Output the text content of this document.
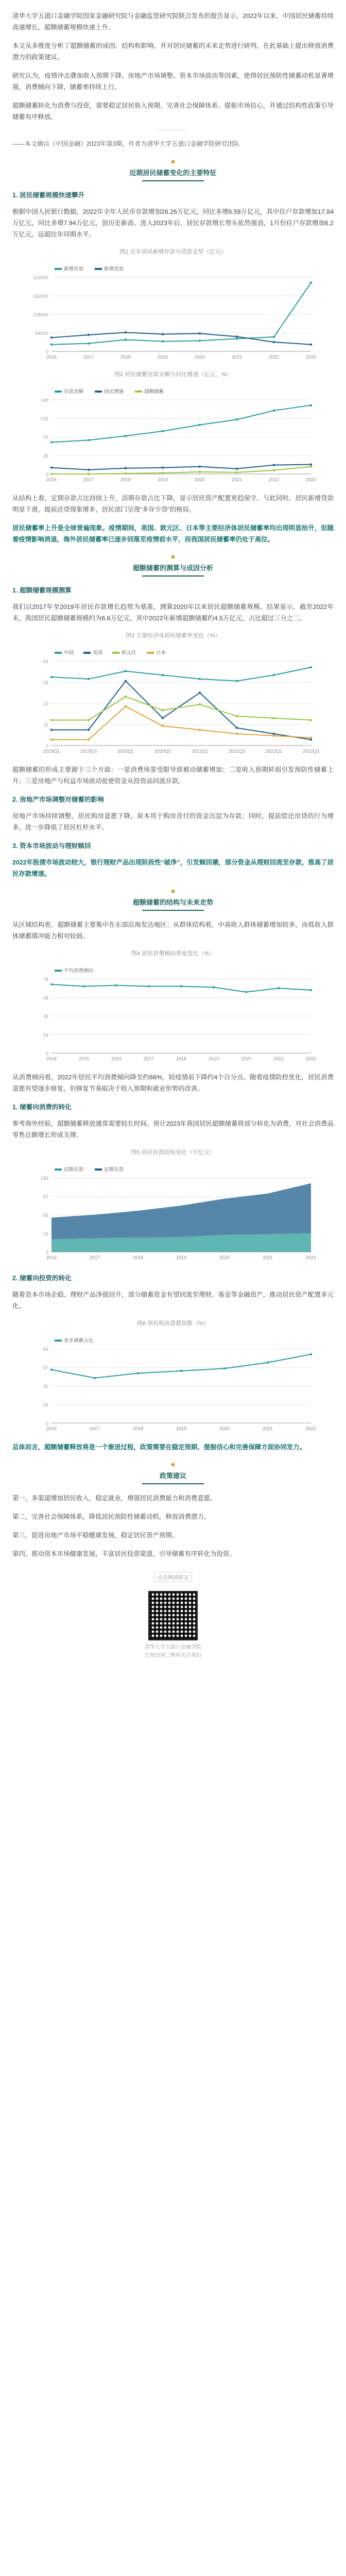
清华大学五道口金融学院国家金融研究院与金融监管研究院联合发布的报告显示，2022年以来，中国居民储蓄持续高速增长，超额储蓄规模快速上升。

本文从多维度分析了超额储蓄的成因、结构和影响，并对居民储蓄的未来走势进行研判，在此基础上提出释放消费潜力的政策建议。

研究认为，疫情冲击叠加收入预期下降、房地产市场调整、资本市场波动等因素，使得居民预防性储蓄动机显著增强，消费倾向下降，储蓄率持续上行。

超额储蓄转化为消费与投资，需要稳定居民收入预期、完善社会保障体系、提振市场信心，并通过结构性政策引导储蓄有序释放。

——本文摘自《中国金融》2023年第3期，作者为清华大学五道口金融学院研究团队

近期居民储蓄变化的主要特征
1. 居民储蓄规模快速攀升

根据中国人民银行数据，2022年全年人民币存款增加26.26万亿元，同比多增6.59万亿元，其中住户存款增加17.84万亿元，同比多增7.94万亿元，创历史新高。进入2023年后，居民存款增长势头依然强劲，1月份住户存款增加6.2万亿元，远超往年同期水平。

图1 近年居民新增存款与贷款走势（亿元）
216000
162000
108000
54000
0
2016	2017	2018	2019	2020	2021	2022	2023
新增存款	新增贷款
图2 居民储蓄存款余额与同比增速（亿元，%）
140
105
70
35
0
2016	2017	2018	2019	2020	2021	2022	2023
存款余额	同比增速	超额储蓄

从结构上看，定期存款占比持续上升，活期存款占比下降，显示居民资产配置更趋保守。与此同时，居民新增贷款明显下滑，提前还贷现象增多，居民部门呈现“多存少贷”的格局。

居民储蓄率上升是全球普遍现象。疫情期间，美国、欧元区、日本等主要经济体居民储蓄率均出现明显抬升，但随着疫情影响消退，海外居民储蓄率已逐步回落至疫情前水平，而我国居民储蓄率仍处于高位。

超额储蓄的测算与成因分析
1. 超额储蓄规模测算

我们以2017年至2019年居民存款增长趋势为基准，测算2020年以来居民超额储蓄规模。结果显示，截至2022年末，我国居民超额储蓄规模约为6.6万亿元，其中2022年新增超额储蓄约4.5万亿元，占比超过三分之二。

图3 主要经济体居民储蓄率变化（%）
43
32
22
11
0
2019Q1	2019Q3	2020Q1	2020Q3	2021Q1	2021Q3	2022Q1	2022Q3
中国	美国	欧元区	日本

超额储蓄的形成主要源于三个方面：一是消费场景受限导致被动储蓄增加；二是收入预期转弱引发预防性储蓄上升；三是房地产与权益市场波动促使资金从投资品回流存款。

2. 房地产市场调整对储蓄的影响

房地产市场持续调整，居民购房意愿下降，原本用于购房首付的资金沉淀为存款；同时，提前偿还房贷的行为增多，进一步降低了居民杠杆水平。

3. 资本市场波动与理财赎回

2022年股债市场波动较大，银行理财产品出现阶段性“破净”，引发赎回潮，部分资金从理财回流至存款，推高了居民存款增速。

超额储蓄的结构与未来走势

从区域结构看，超额储蓄主要集中在东部沿海发达地区；从群体结构看，中高收入群体储蓄增加较多，而低收入群体储蓄缓冲能力相对较弱。

图4 居民消费倾向季度变化（%）
78
58
39
19
0
2014	2015	2016	2017	2018	2019	2020	2021	2022
平均消费倾向

从消费倾向看，2022年居民平均消费倾向降至约66%，较疫情前下降约4个百分点。随着疫情防控优化，居民消费意愿有望逐步修复，但修复节奏取决于收入预期和就业形势的改善。

1. 储蓄向消费的转化

参考海外经验，超额储蓄释放通常需要较长时间。预计2023年我国居民超额储蓄将部分转化为消费，对社会消费品零售总额增长形成支撑。

图5 居民存款结构变化（万亿元）
130
97
65
32
0
2016	2017	2018	2019	2020	2021	2022
活期存款	定期存款
2. 储蓄向投资的转化

随着资本市场企稳、理财产品净值回升，部分储蓄资金有望回流至理财、基金等金融资产，推动居民资产配置多元化。

图6 居民购房意愿指数（%）
63
47
31
16
0
2016	2017	2018	2019	2020	2021	2022
更多储蓄占比

总体而言，超额储蓄释放将是一个渐进过程，政策需要在稳定预期、提振信心和完善保障方面协同发力。

政策建议

第一，多渠道增加居民收入，稳定就业，增强居民消费能力和消费意愿。

第二，完善社会保障体系，降低居民预防性储蓄动机，释放消费潜力。

第三，促进房地产市场平稳健康发展，稳定居民资产预期。

第四，推动资本市场健康发展，丰富居民投资渠道，引导储蓄有序转化为投资。

点击阅读原文
清华大学五道口金融学院
长按识别二维码关注我们
